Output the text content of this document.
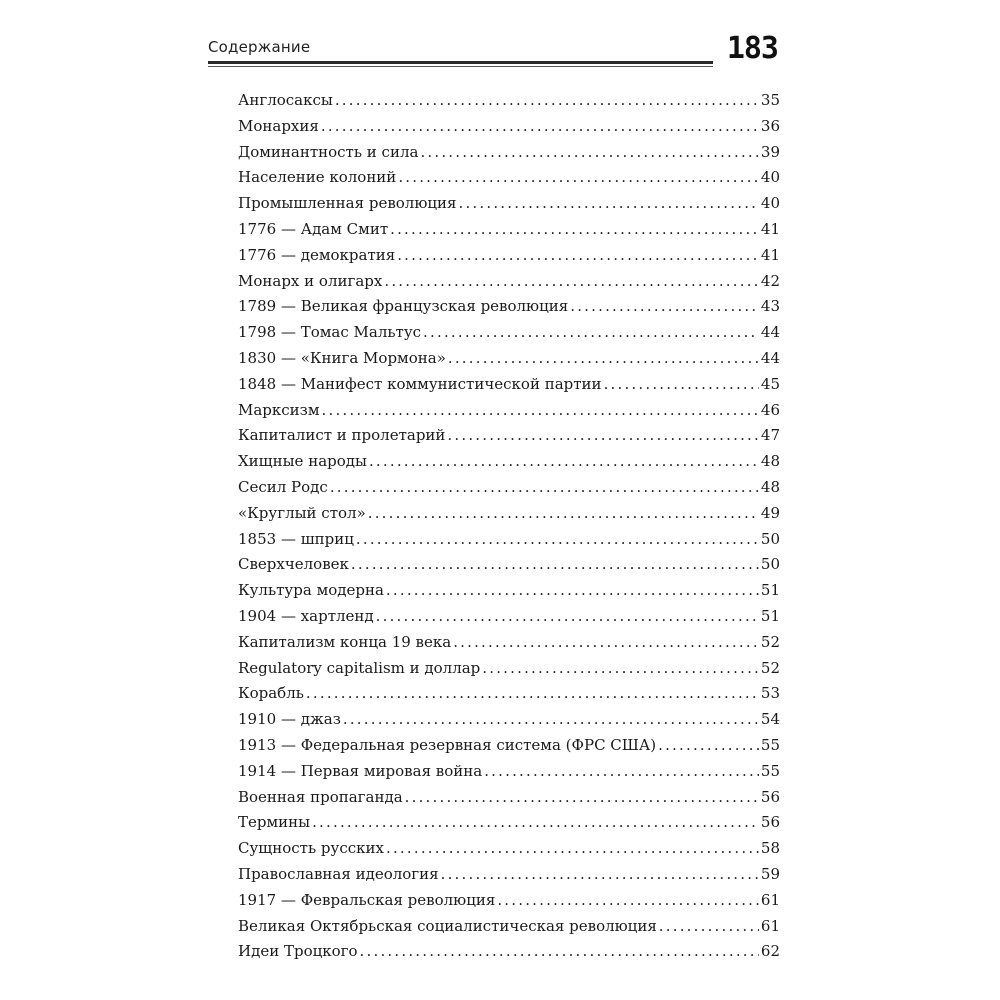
Содержание	183
Англосаксы .....	35
Монархия .....	36
Доминантность и сила .....	39
Население колоний .....	40
Промышленная революция .....	40
1776 — Адам Смит .....	41
1776 — демократия .....	41
Монарх и олигарх .....	42
1789 — Великая французская революция .....	43
1798 — Томас Мальтус .....	44
1830 — «Книга Мормона» .....	44
1848 — Манифест коммунистической партии .....	45
Марксизм .....	46
Капиталист и пролетарий .....	47
Хищные народы .....	48
Сесил Родс .....	48
«Круглый стол» .....	49
1853 — шприц .....	50
Сверхчеловек .....	50
Культура модерна .....	51
1904 — хартленд .....	51
Капитализм конца 19 века .....	52
Regulatory capitalism и доллар .....	52
Корабль .....	53
1910 — джаз .....	54
1913 — Федеральная резервная система (ФРС США) .....	55
1914 — Первая мировая война .....	55
Военная пропаганда .....	56
Термины .....	56
Сущность русских .....	58
Православная идеология .....	59
1917 — Февральская революция .....	61
Великая Октябрьская социалистическая революция .....	61
Идеи Троцкого .....	62
